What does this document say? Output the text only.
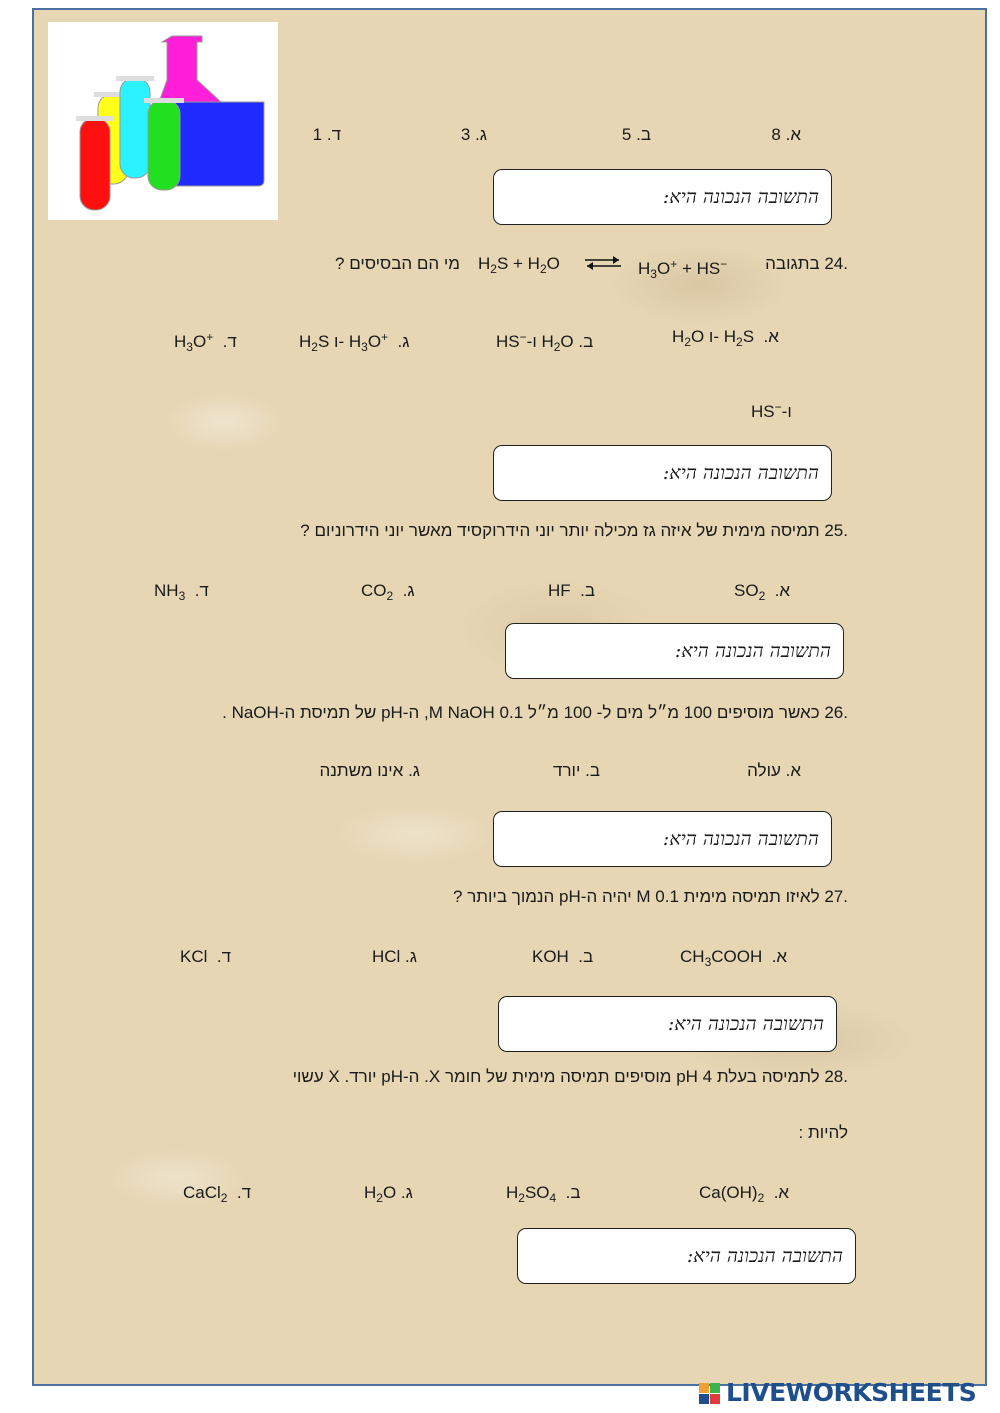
א. 8
ב. 5
ג. 3
ד. 1
התשובה הנכונה היא:
.24 בתגובה
$H_3O^+ + HS^-$
$H_2S + H_2O$
מי הם הבסיסים ?
$H_2O$ ו- $H_2S$  .א
HS−-ו $H_2O$ .ב
$H_2S$ ו- $H_3O^+$  .ג
$H_3O^+$  .ד
HS−-ו
התשובה הנכונה היא:
.25 תמיסה מימית של איזה גז מכילה יותר יוני הידרוקסיד מאשר יוני הידרוניום ?
$SO_2$  .א
HF  .ב
$CO_2$  .ג
$NH_3$  .ד
התשובה הנכונה היא:
.26 כאשר מוסיפים 100 מ״ל מים ל- 100 מ״ל 0.1 M NaOH, ה-pH של תמיסת ה-NaOH .
א. עולה
ב. יורד
ג. אינו משתנה
התשובה הנכונה היא:
.27 לאיזו תמיסה מימית 0.1 M יהיה ה-pH הנמוך ביותר ?
$CH_3COOH$  .א
KOH  .ב
HCl .ג
KCl  .ד
התשובה הנכונה היא:
.28 לתמיסה בעלת pH 4 מוסיפים תמיסה מימית של חומר X. ה-pH יורד. X עשוי
להיות :
$Ca(OH)_2$  .א
$H_2SO_4$  .ב
$H_2O$ .ג
CaCl$_2$  .ד
התשובה הנכונה היא:
LIVEWORKSHEETS
